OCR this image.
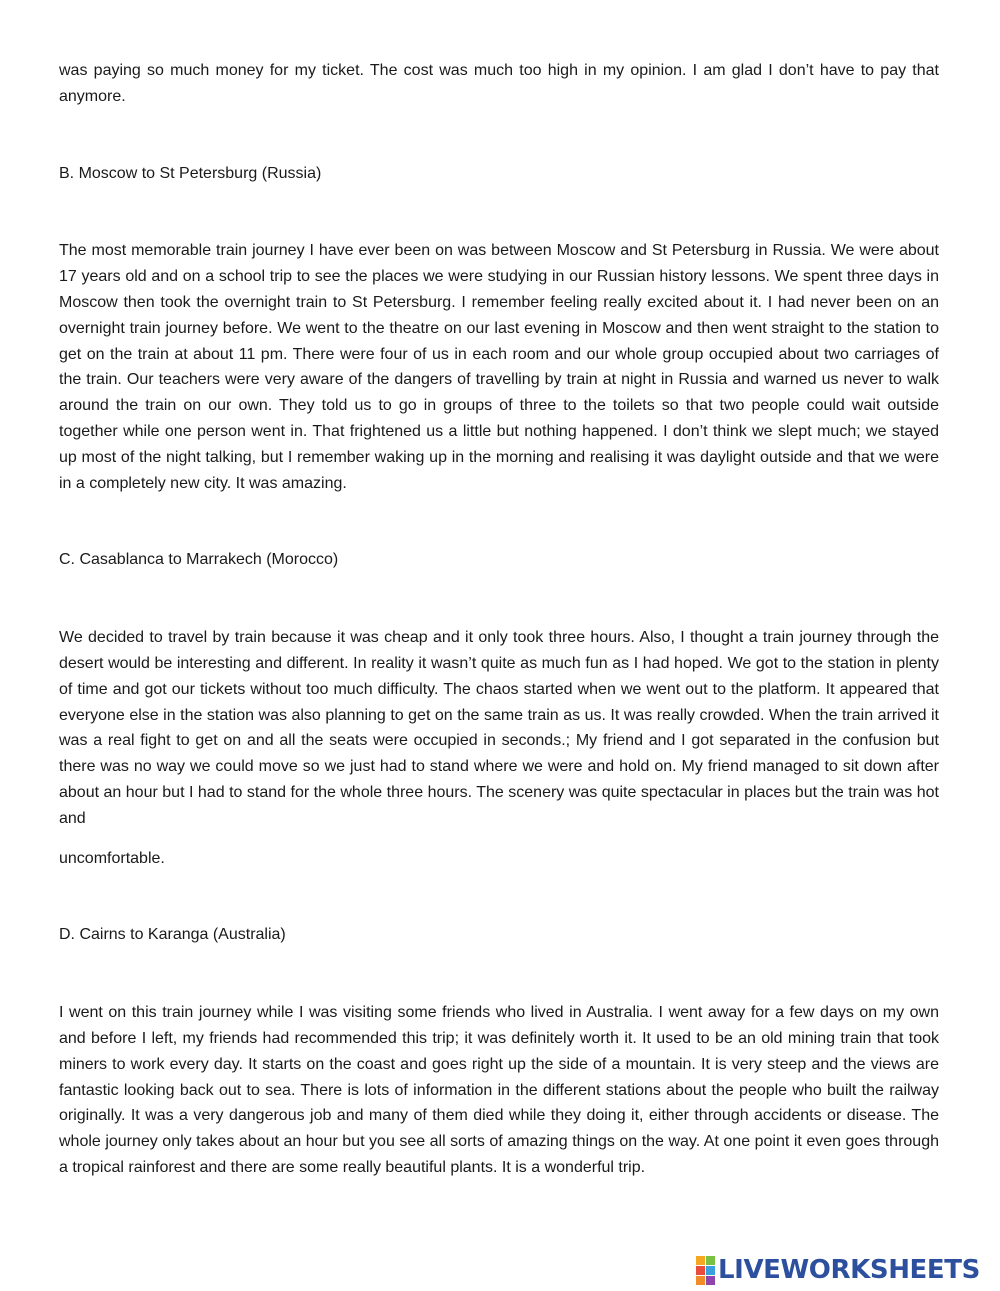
was paying so much money for my ticket. The cost was much too high in my opinion. I am glad I don’t have to pay that anymore.

B. Moscow to St Petersburg (Russia)

The most memorable train journey I have ever been on was between Moscow and St Petersburg in Russia. We were about 17 years old and on a school trip to see the places we were studying in our Russian history lessons. We spent three days in Moscow then took the overnight train to St Petersburg. I remember feeling really excited about it. I had never been on an overnight train journey before. We went to the theatre on our last evening in Moscow and then went straight to the station to get on the train at about 11 pm. There were four of us in each room and our whole group occupied about two carriages of the train. Our teachers were very aware of the dangers of travelling by train at night in Russia and warned us never to walk around the train on our own. They told us to go in groups of three to the toilets so that two people could wait outside together while one person went in. That frightened us a little but nothing happened. I don’t think we slept much; we stayed up most of the night talking, but I remember waking up in the morning and realising it was daylight outside and that we were in a completely new city. It was amazing.

C. Casablanca to Marrakech (Morocco)

We decided to travel by train because it was cheap and it only took three hours. Also, I thought a train journey through the desert would be interesting and different. In reality it wasn’t quite as much fun as I had hoped. We got to the station in plenty of time and got our tickets without too much difficulty. The chaos started when we went out to the platform. It appeared that everyone else in the station was also planning to get on the same train as us. It was really crowded. When the train arrived it was a real fight to get on and all the seats were occupied in seconds.; My friend and I got separated in the confusion but there was no way we could move so we just had to stand where we were and hold on. My friend managed to sit down after about an hour but I had to stand for the whole three hours. The scenery was quite spectacular in places but the train was hot and

uncomfortable.

D. Cairns to Karanga (Australia)

I went on this train journey while I was visiting some friends who lived in Australia. I went away for a few days on my own and before I left, my friends had recommended this trip; it was definitely worth it. It used to be an old mining train that took miners to work every day. It starts on the coast and goes right up the side of a mountain. It is very steep and the views are fantastic looking back out to sea. There is lots of information in the different stations about the people who built the railway originally. It was a very dangerous job and many of them died while they doing it, either through accidents or disease. The whole journey only takes about an hour but you see all sorts of amazing things on the way. At one point it even goes through a tropical rainforest and there are some really beautiful plants. It is a wonderful trip.

LIVEWORKSHEETS
